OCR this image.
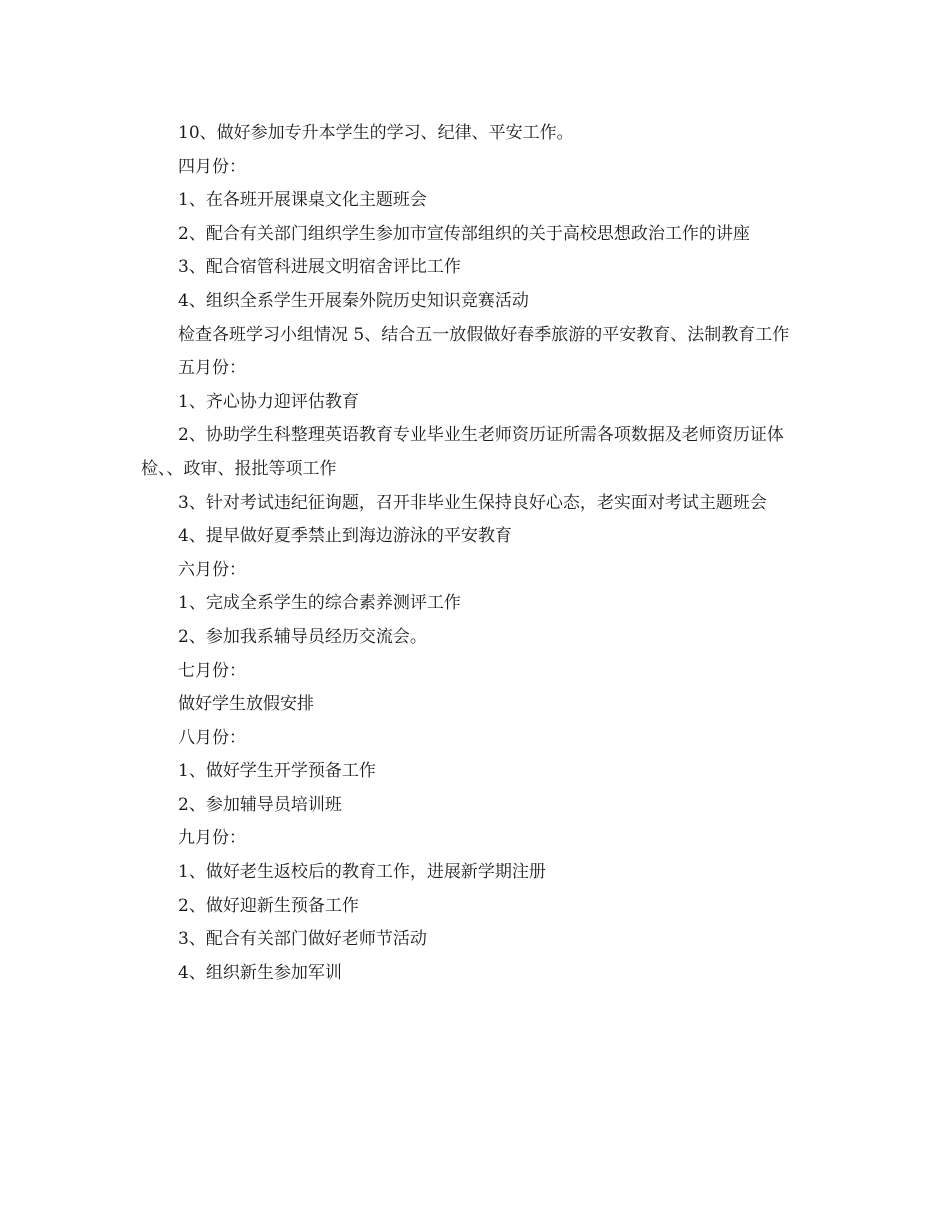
10、做好参加专升本学生的学习、纪律、平安工作。

四月份：

1、在各班开展课桌文化主题班会

2、配合有关部门组织学生参加市宣传部组织的关于高校思想政治工作的讲座

3、配合宿管科进展文明宿舍评比工作

4、组织全系学生开展秦外院历史知识竞赛活动

检查各班学习小组情况 5、结合五一放假做好春季旅游的平安教育、法制教育工作

五月份：

1、齐心协力迎评估教育

2、协助学生科整理英语教育专业毕业生老师资历证所需各项数据及老师资历证体检、、政审、报批等项工作

3、针对考试违纪征询题，召开非毕业生保持良好心态，老实面对考试主题班会

4、提早做好夏季禁止到海边游泳的平安教育

六月份：

1、完成全系学生的综合素养测评工作

2、参加我系辅导员经历交流会。

七月份：

做好学生放假安排

八月份：

1、做好学生开学预备工作

2、参加辅导员培训班

九月份：

1、做好老生返校后的教育工作，进展新学期注册

2、做好迎新生预备工作

3、配合有关部门做好老师节活动

4、组织新生参加军训
